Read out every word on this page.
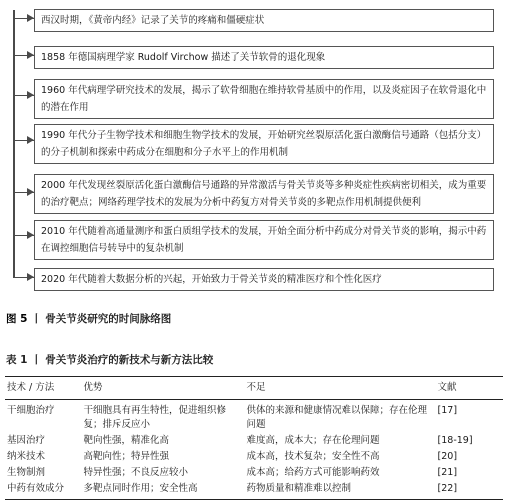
西汉时期，《黄帝内经》记录了关节的疼痛和僵硬症状
1858 年德国病理学家 Rudolf Virchow 描述了关节软骨的退化现象
1960 年代病理学研究技术的发展，揭示了软骨细胞在维持软骨基质中的作用，以及炎症因子在软骨退化中的潜在作用
1990 年代分子生物学技术和细胞生物学技术的发展，开始研究丝裂原活化蛋白激酶信号通路（包括分支）的分子机制和探索中药成分在细胞和分子水平上的作用机制
2000 年代发现丝裂原活化蛋白激酶信号通路的异常激活与骨关节炎等多种炎症性疾病密切相关，成为重要的治疗靶点；网络药理学技术的发展为分析中药复方对骨关节炎的多靶点作用机制提供便利
2010 年代随着高通量测序和蛋白质组学技术的发展，开始全面分析中药成分对骨关节炎的影响，揭示中药在调控细胞信号转导中的复杂机制
2020 年代随着大数据分析的兴起，开始致力于骨关节炎的精准医疗和个性化医疗
图 5 丨 骨关节炎研究的时间脉络图
表 1 丨 骨关节炎治疗的新技术与新方法比较
技术 / 方法	优势	不足	文献
干细胞治疗	干细胞具有再生特性，促进组织修复；排斥反应小	供体的来源和健康情况难以保障；存在伦理问题	[17]
基因治疗	靶向性强，精准化高	难度高，成本大；存在伦理问题	[18-19]
纳米技术	高靶向性；特异性强	成本高，技术复杂；安全性不高	[20]
生物制剂	特异性强；不良反应较小	成本高；给药方式可能影响药效	[21]
中药有效成分	多靶点同时作用；安全性高	药物质量和精准难以控制	[22]
